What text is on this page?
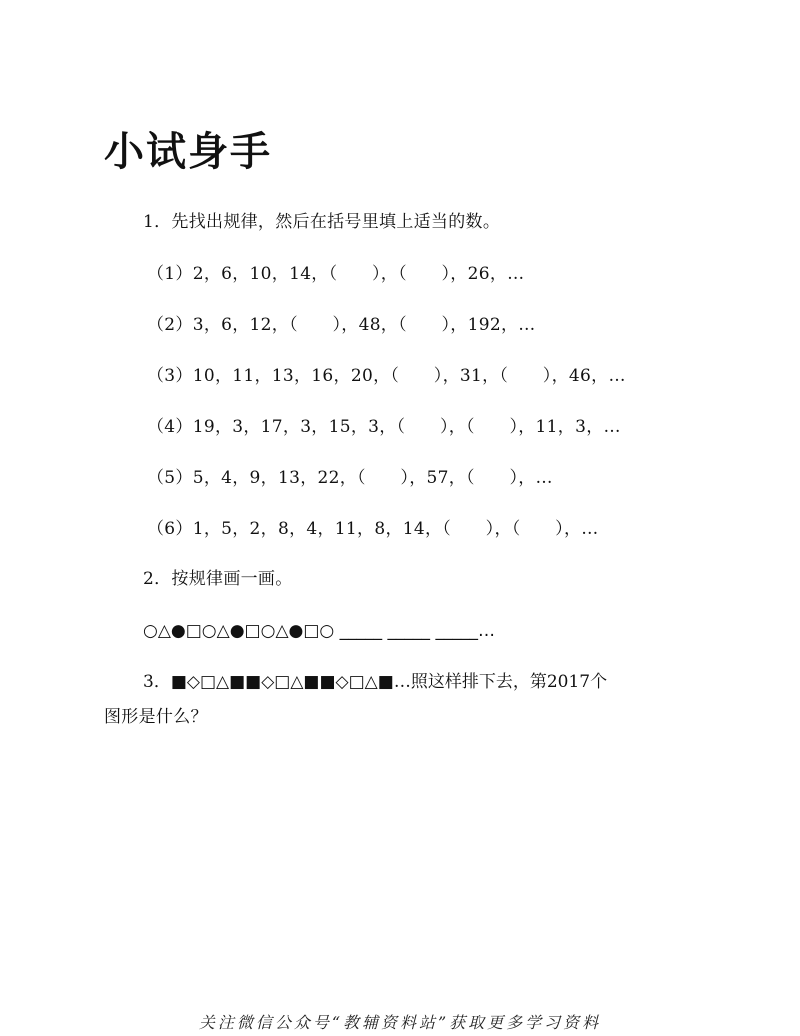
小试身手
1．先找出规律，然后在括号里填上适当的数。
（1）2，6，10，14，（　　），（　　），26，…
（2）3，6，12，（　　），48，（　　），192，…
（3）10，11，13，16，20，（　　），31，（　　），46，…
（4）19，3，17，3，15，3，（　　），（　　），11，3，…
（5）5，4，9，13，22，（　　），57，（　　），…
（6）1，5，2，8，4，11，8，14，（　　），（　　），…
2．按规律画一画。
○△●□○△●□○△●□○ _____ _____ _____…
3．■◇□△■■◇□△■■◇□△■…照这样排下去，第2017个
图形是什么？
关注微信公众号“教辅资料站”获取更多学习资料
